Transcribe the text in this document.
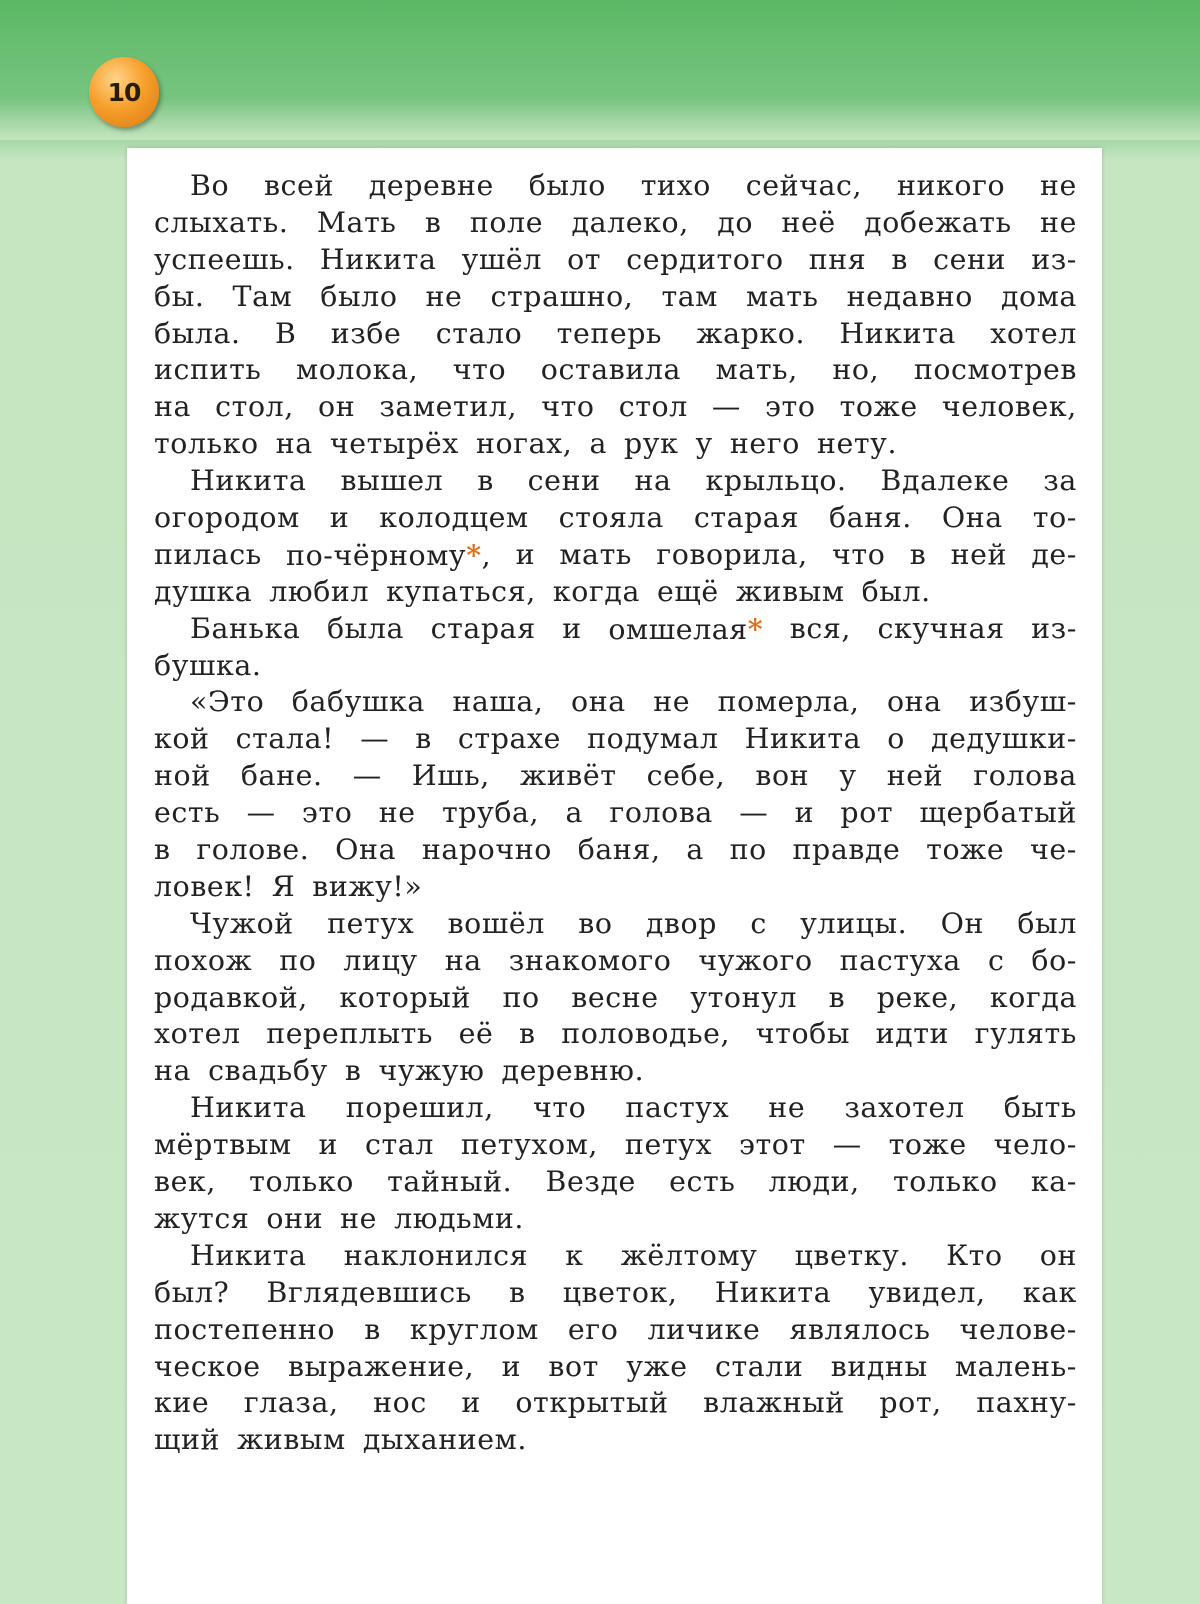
10
Во всей деревне было тихо сейчас, никого не
слыхать. Мать в поле далеко, до неё добежать не
успеешь. Никита ушёл от сердитого пня в сени из-
бы. Там было не страшно, там мать недавно дома
была. В избе стало теперь жарко. Никита хотел
испить молока, что оставила мать, но, посмотрев
на стол, он заметил, что стол — это тоже человек,
только на четырёх ногах, а рук у него нету.
Никита вышел в сени на крыльцо. Вдалеке за
огородом и колодцем стояла старая баня. Она то-
пилась по-чёрному*, и мать говорила, что в ней де-
душка любил купаться, когда ещё живым был.
Банька была старая и омшелая* вся, скучная из-
бушка.
«Это бабушка наша, она не померла, она избуш-
кой стала! — в страхе подумал Никита о дедушки-
ной бане. — Ишь, живёт себе, вон у ней голова
есть — это не труба, а голова — и рот щербатый
в голове. Она нарочно баня, а по правде тоже че-
ловек! Я вижу!»
Чужой петух вошёл во двор с улицы. Он был
похож по лицу на знакомого чужого пастуха с бо-
родавкой, который по весне утонул в реке, когда
хотел переплыть её в половодье, чтобы идти гулять
на свадьбу в чужую деревню.
Никита порешил, что пастух не захотел быть
мёртвым и стал петухом, петух этот — тоже чело-
век, только тайный. Везде есть люди, только ка-
жутся они не людьми.
Никита наклонился к жёлтому цветку. Кто он
был? Вглядевшись в цветок, Никита увидел, как
постепенно в круглом его личике являлось челове-
ческое выражение, и вот уже стали видны малень-
кие глаза, нос и открытый влажный рот, пахну-
щий живым дыханием.
